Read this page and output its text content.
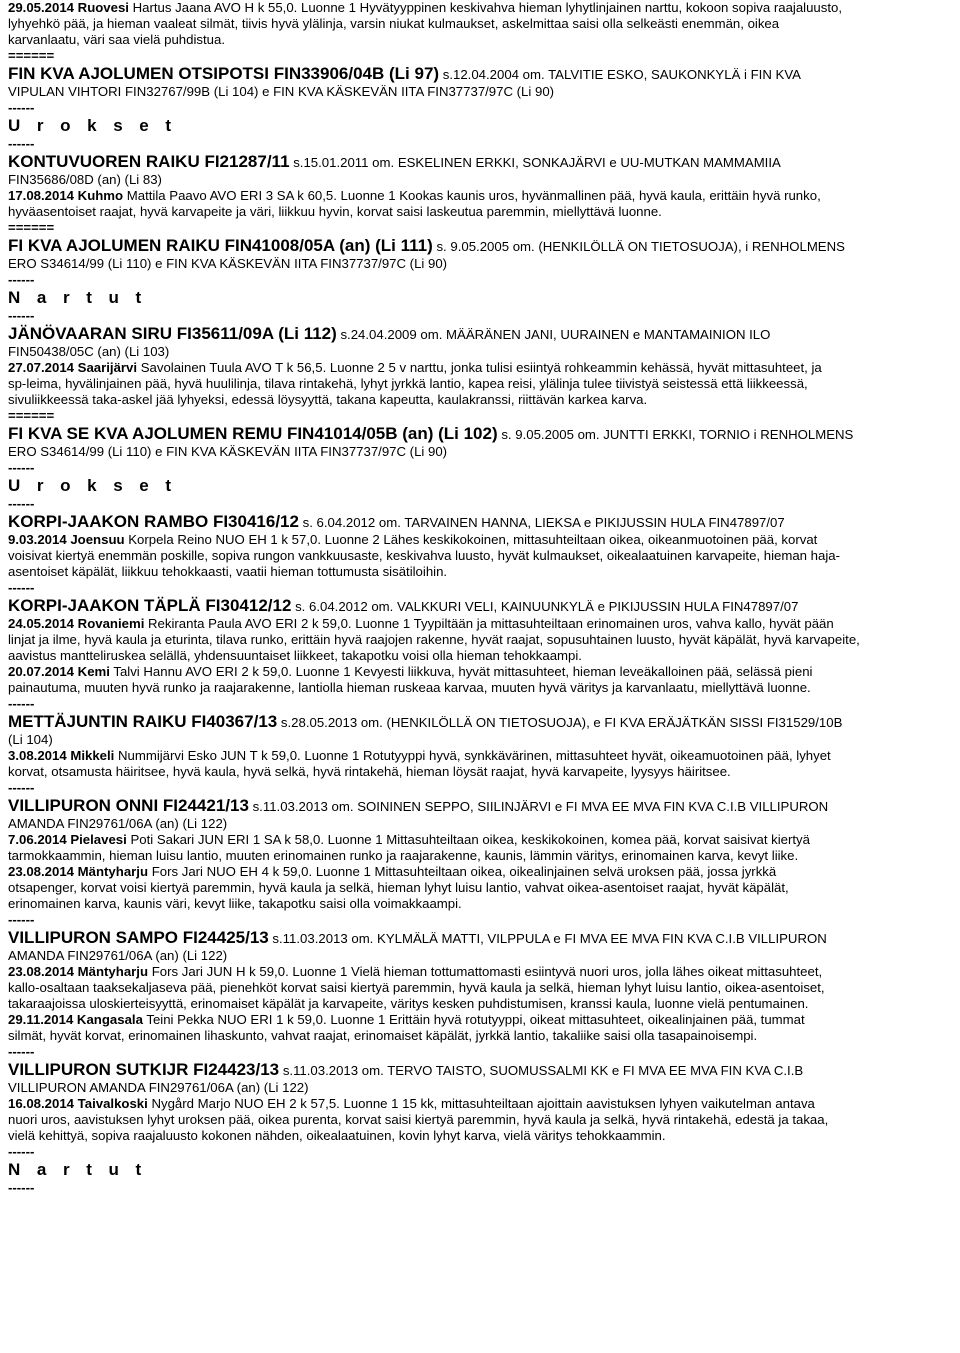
29.05.2014 Ruovesi Hartus Jaana AVO H k 55,0. Luonne 1 Hyvätyyppinen keskivahva hieman lyhytlinjainen narttu, kokoon sopiva raajaluusto,

lyhyehkö pää, ja hieman vaaleat silmät, tiivis hyvä ylälinja, varsin niukat kulmaukset, askelmittaa saisi olla selkeästi enemmän, oikea

karvanlaatu, väri saa vielä puhdistua.

======

FIN KVA AJOLUMEN OTSIPOTSI FIN33906/04B (Li 97) s.12.04.2004 om. TALVITIE ESKO, SAUKONKYLÄ i FIN KVA

VIPULAN VIHTORI FIN32767/99B (Li 104) e FIN KVA KÄSKEVÄN IITA FIN37737/97C (Li 90)

------

U r o k s e t

------

KONTUVUOREN RAIKU FI21287/11 s.15.01.2011 om. ESKELINEN ERKKI, SONKAJÄRVI e UU-MUTKAN MAMMAMIIA

FIN35686/08D (an) (Li 83)

17.08.2014 Kuhmo Mattila Paavo AVO ERI 3 SA k 60,5. Luonne 1 Kookas kaunis uros, hyvänmallinen pää, hyvä kaula, erittäin hyvä runko,

hyväasentoiset raajat, hyvä karvapeite ja väri, liikkuu hyvin, korvat saisi laskeutua paremmin, miellyttävä luonne.

======

FI KVA AJOLUMEN RAIKU FIN41008/05A (an) (Li 111) s. 9.05.2005 om. (HENKILÖLLÄ ON TIETOSUOJA), i RENHOLMENS

ERO S34614/99 (Li 110) e FIN KVA KÄSKEVÄN IITA FIN37737/97C (Li 90)

------

N a r t u t

------

JÄNÖVAARAN SIRU FI35611/09A (Li 112) s.24.04.2009 om. MÄÄRÄNEN JANI, UURAINEN e MANTAMAINION ILO

FIN50438/05C (an) (Li 103)

27.07.2014 Saarijärvi Savolainen Tuula AVO T k 56,5. Luonne 2 5 v narttu, jonka tulisi esiintyä rohkeammin kehässä, hyvät mittasuhteet, ja

sp-leima, hyvälinjainen pää, hyvä huulilinja, tilava rintakehä, lyhyt jyrkkä lantio, kapea reisi, ylälinja tulee tiivistyä seistessä että liikkeessä,

sivuliikkeessä taka-askel jää lyhyeksi, edessä löysyyttä, takana kapeutta, kaulakranssi, riittävän karkea karva.

======

FI KVA SE KVA AJOLUMEN REMU FIN41014/05B (an) (Li 102) s. 9.05.2005 om. JUNTTI ERKKI, TORNIO i RENHOLMENS

ERO S34614/99 (Li 110) e FIN KVA KÄSKEVÄN IITA FIN37737/97C (Li 90)

------

U r o k s e t

------

KORPI-JAAKON RAMBO FI30416/12 s. 6.04.2012 om. TARVAINEN HANNA, LIEKSA e PIKIJUSSIN HULA FIN47897/07

9.03.2014 Joensuu Korpela Reino NUO EH 1 k 57,0. Luonne 2 Lähes keskikokoinen, mittasuhteiltaan oikea, oikeanmuotoinen pää, korvat

voisivat kiertyä enemmän poskille, sopiva rungon vankkuusaste, keskivahva luusto, hyvät kulmaukset, oikealaatuinen karvapeite, hieman haja-

asentoiset käpälät, liikkuu tehokkaasti, vaatii hieman tottumusta sisätiloihin.

------

KORPI-JAAKON TÄPLÄ FI30412/12 s. 6.04.2012 om. VALKKURI VELI, KAINUUNKYLÄ e PIKIJUSSIN HULA FIN47897/07

24.05.2014 Rovaniemi Rekiranta Paula AVO ERI 2 k 59,0. Luonne 1 Tyypiltään ja mittasuhteiltaan erinomainen uros, vahva kallo, hyvät pään

linjat ja ilme, hyvä kaula ja eturinta, tilava runko, erittäin hyvä raajojen rakenne, hyvät raajat, sopusuhtainen luusto, hyvät käpälät, hyvä karvapeite,

aavistus mantteliruskea selällä, yhdensuuntaiset liikkeet, takapotku voisi olla hieman tehokkaampi.

20.07.2014 Kemi Talvi Hannu AVO ERI 2 k 59,0. Luonne 1 Kevyesti liikkuva, hyvät mittasuhteet, hieman leveäkalloinen pää, selässä pieni

painautuma, muuten hyvä runko ja raajarakenne, lantiolla hieman ruskeaa karvaa, muuten hyvä väritys ja karvanlaatu, miellyttävä luonne.

------

METTÄJUNTIN RAIKU FI40367/13 s.28.05.2013 om. (HENKILÖLLÄ ON TIETOSUOJA), e FI KVA ERÄJÄTKÄN SISSI FI31529/10B

(Li 104)

3.08.2014 Mikkeli Nummijärvi Esko JUN T k 59,0. Luonne 1 Rotutyyppi hyvä, synkkävärinen, mittasuhteet hyvät, oikeamuotoinen pää, lyhyet

korvat, otsamusta häiritsee, hyvä kaula, hyvä selkä, hyvä rintakehä, hieman löysät raajat, hyvä karvapeite, lyysyys häiritsee.

------

VILLIPURON ONNI FI24421/13 s.11.03.2013 om. SOININEN SEPPO, SIILINJÄRVI e FI MVA EE MVA FIN KVA C.I.B VILLIPURON

AMANDA FIN29761/06A (an) (Li 122)

7.06.2014 Pielavesi Poti Sakari JUN ERI 1 SA k 58,0. Luonne 1 Mittasuhteiltaan oikea, keskikokoinen, komea pää, korvat saisivat kiertyä

tarmokkaammin, hieman luisu lantio, muuten erinomainen runko ja raajarakenne, kaunis, lämmin väritys, erinomainen karva, kevyt liike.

23.08.2014 Mäntyharju Fors Jari NUO EH 4 k 59,0. Luonne 1 Mittasuhteiltaan oikea, oikealinjainen selvä uroksen pää, jossa jyrkkä

otsapenger, korvat voisi kiertyä paremmin, hyvä kaula ja selkä, hieman lyhyt luisu lantio, vahvat oikea-asentoiset raajat, hyvät käpälät,

erinomainen karva, kaunis väri, kevyt liike, takapotku saisi olla voimakkaampi.

------

VILLIPURON SAMPO FI24425/13 s.11.03.2013 om. KYLMÄLÄ MATTI, VILPPULA e FI MVA EE MVA FIN KVA C.I.B VILLIPURON

AMANDA FIN29761/06A (an) (Li 122)

23.08.2014 Mäntyharju Fors Jari JUN H k 59,0. Luonne 1 Vielä hieman tottumattomasti esiintyvä nuori uros, jolla lähes oikeat mittasuhteet,

kallo-osaltaan taaksekaljaseva pää, pienehköt korvat saisi kiertyä paremmin, hyvä kaula ja selkä, hieman lyhyt luisu lantio, oikea-asentoiset,

takaraajoissa uloskierteisyyttä, erinomaiset käpälät ja karvapeite, väritys kesken puhdistumisen, kranssi kaula, luonne vielä pentumainen.

29.11.2014 Kangasala Teini Pekka NUO ERI 1 k 59,0. Luonne 1 Erittäin hyvä rotutyyppi, oikeat mittasuhteet, oikealinjainen pää, tummat

silmät, hyvät korvat, erinomainen lihaskunto, vahvat raajat, erinomaiset käpälät, jyrkkä lantio, takaliike saisi olla tasapainoisempi.

------

VILLIPURON SUTKIJR FI24423/13 s.11.03.2013 om. TERVO TAISTO, SUOMUSSALMI KK e FI MVA EE MVA FIN KVA C.I.B

VILLIPURON AMANDA FIN29761/06A (an) (Li 122)

16.08.2014 Taivalkoski Nygård Marjo NUO EH 2 k 57,5. Luonne 1 15 kk, mittasuhteiltaan ajoittain aavistuksen lyhyen vaikutelman antava

nuori uros, aavistuksen lyhyt uroksen pää, oikea purenta, korvat saisi kiertyä paremmin, hyvä kaula ja selkä, hyvä rintakehä, edestä ja takaa,

vielä kehittyä, sopiva raajaluusto kokonen nähden, oikealaatuinen, kovin lyhyt karva, vielä väritys tehokkaammin.

------

N a r t u t

------
